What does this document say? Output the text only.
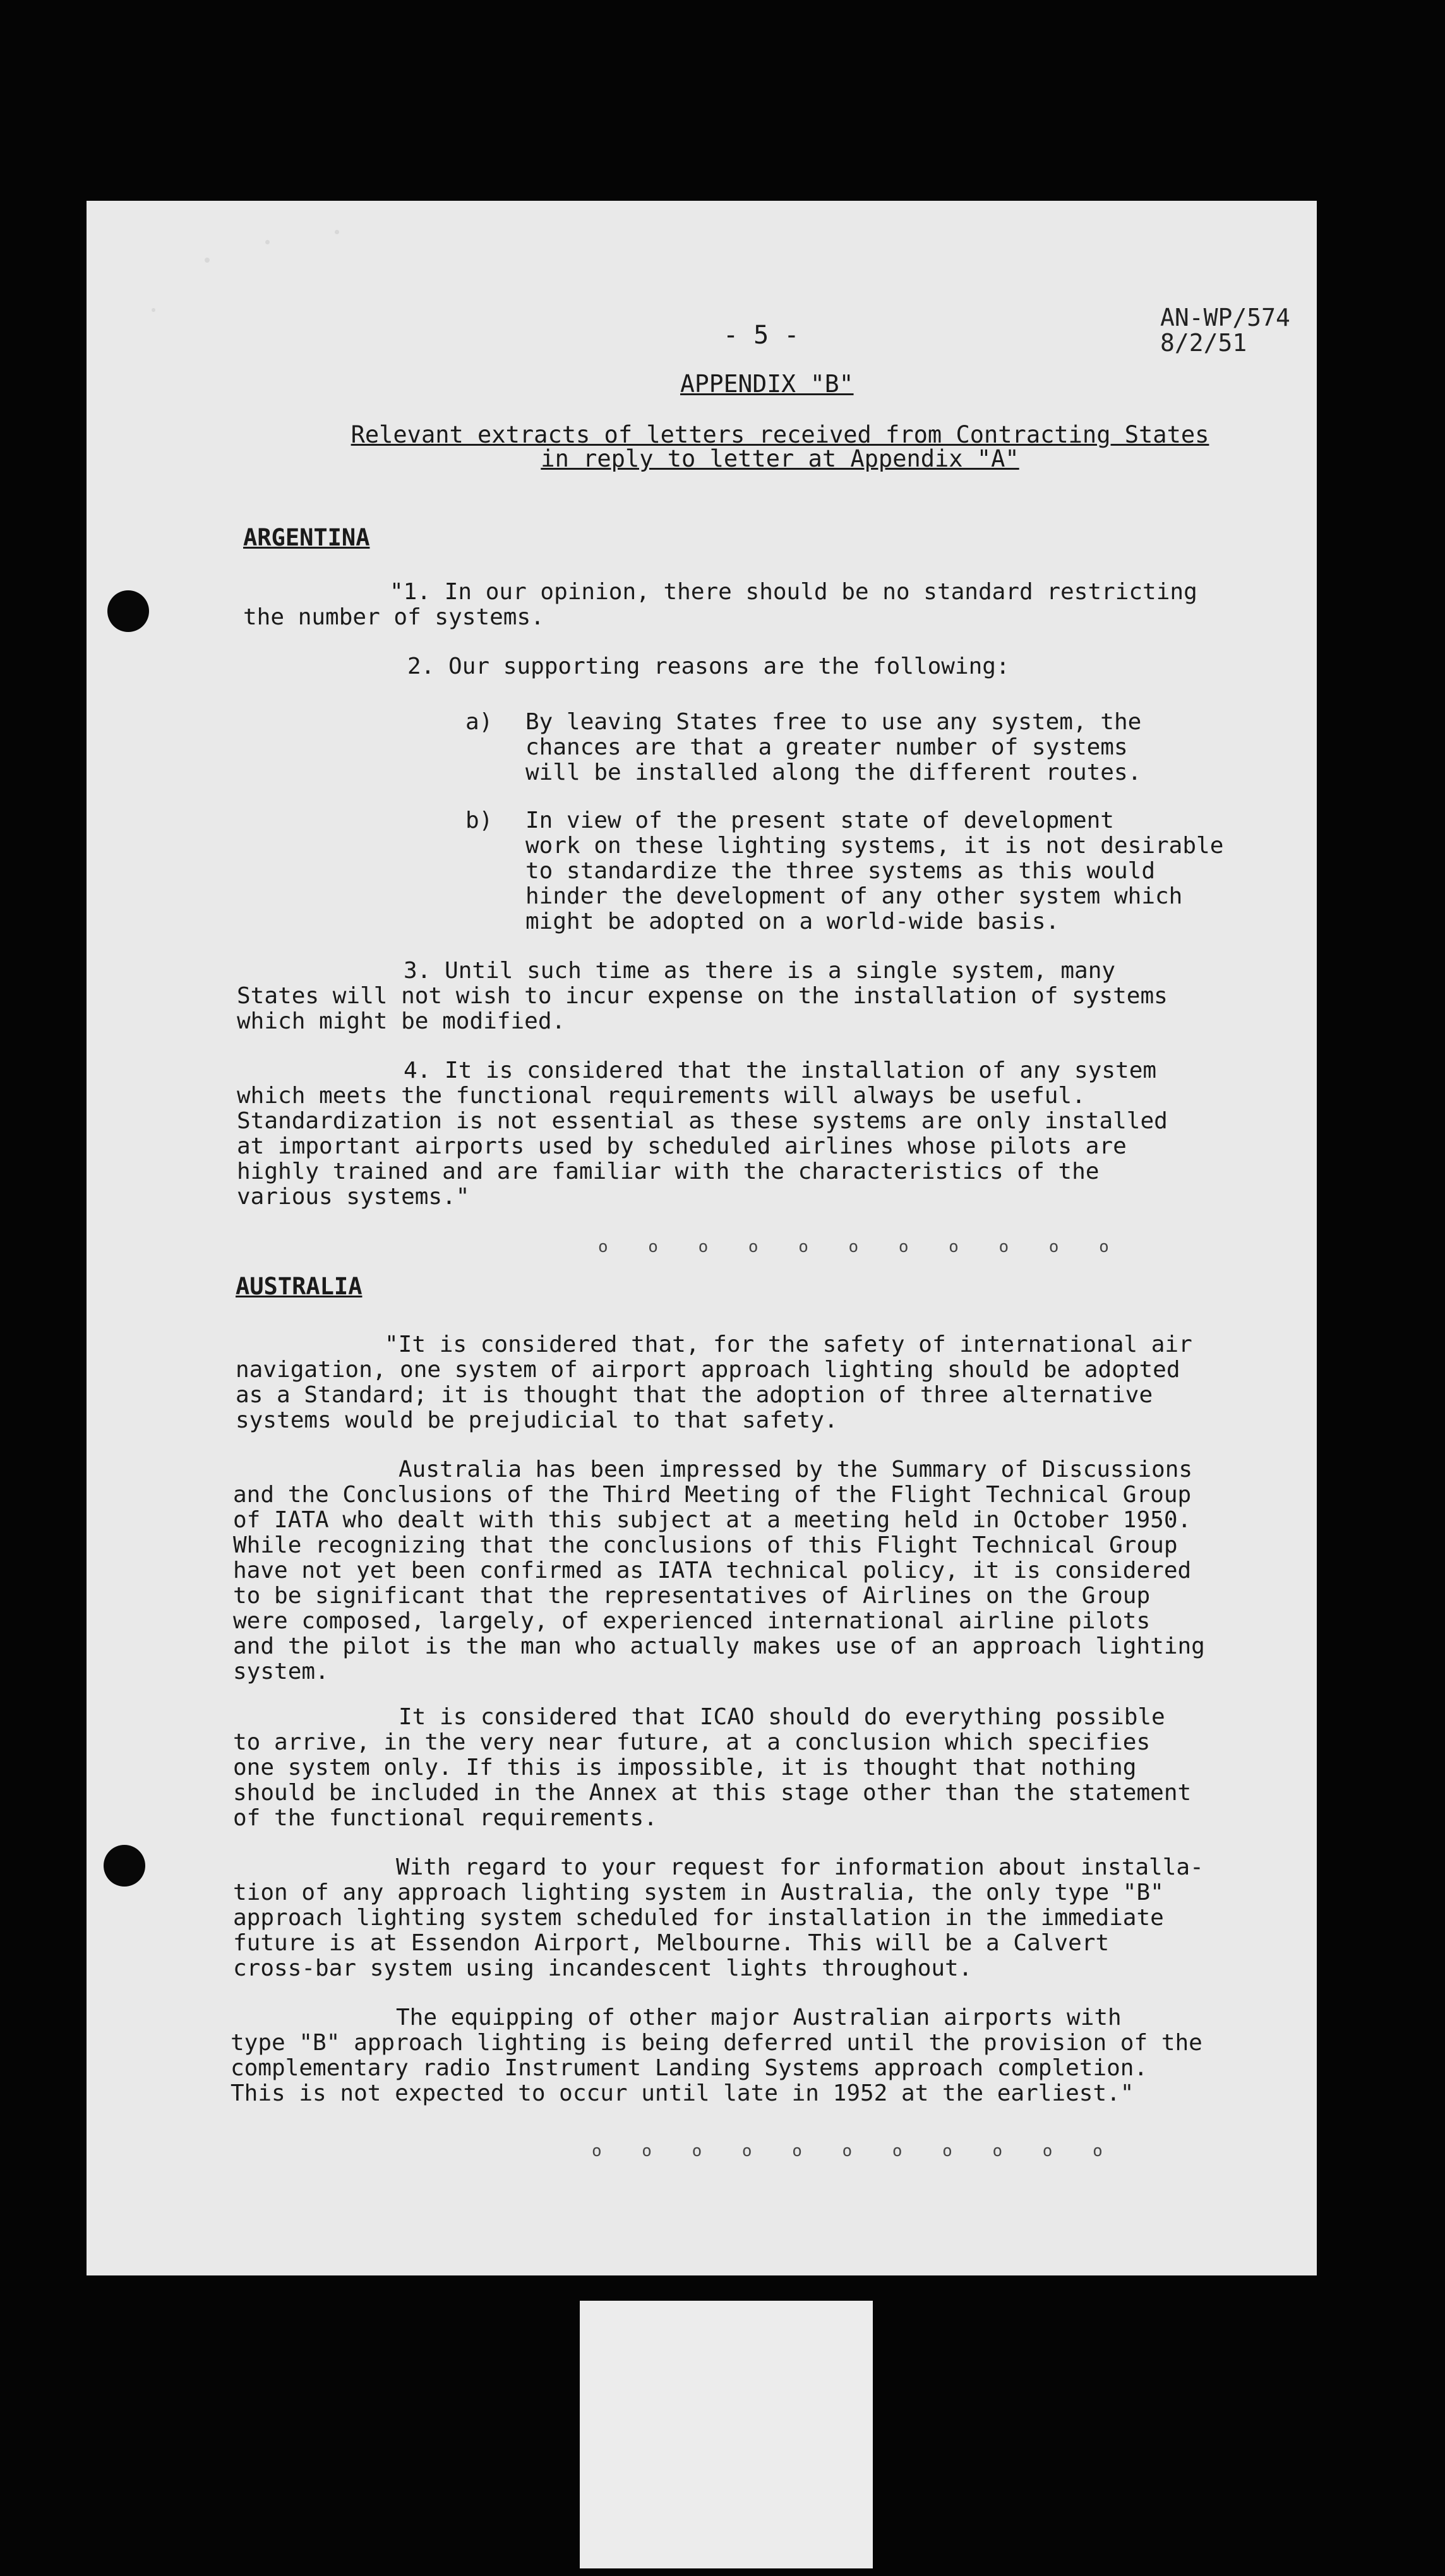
AN-WP/574
8/2/51
- 5 -
APPENDIX "B"
Relevant extracts of letters received from Contracting States
in reply to letter at Appendix "A"
ARGENTINA

"1. In our opinion, there should be no standard restricting

the number of systems.

2. Our supporting reasons are the following:

a) By leaving States free to use any system, the
chances are that a greater number of systems
will be installed along the different routes.

b) In view of the present state of development
work on these lighting systems, it is not desirable
to standardize the three systems as this would
hinder the development of any other system which
might be adopted on a world-wide basis.

3. Until such time as there is a single system, many

States will not wish to incur expense on the installation of systems
which might be modified.

4. It is considered that the installation of any system

which meets the functional requirements will always be useful.
Standardization is not essential as these systems are only installed
at important airports used by scheduled airlines whose pilots are
highly trained and are familiar with the characteristics of the
various systems."

o o o o o o o o o o o
AUSTRALIA

"It is considered that, for the safety of international air

navigation, one system of airport approach lighting should be adopted
as a Standard; it is thought that the adoption of three alternative
systems would be prejudicial to that safety.

Australia has been impressed by the Summary of Discussions

and the Conclusions of the Third Meeting of the Flight Technical Group
of IATA who dealt with this subject at a meeting held in October 1950.
While recognizing that the conclusions of this Flight Technical Group
have not yet been confirmed as IATA technical policy, it is considered
to be significant that the representatives of Airlines on the Group
were composed, largely, of experienced international airline pilots
and the pilot is the man who actually makes use of an approach lighting
system.

It is considered that ICAO should do everything possible

to arrive, in the very near future, at a conclusion which specifies
one system only. If this is impossible, it is thought that nothing
should be included in the Annex at this stage other than the statement
of the functional requirements.

With regard to your request for information about installa-

tion of any approach lighting system in Australia, the only type "B"
approach lighting system scheduled for installation in the immediate
future is at Essendon Airport, Melbourne. This will be a Calvert
cross-bar system using incandescent lights throughout.

The equipping of other major Australian airports with

type "B" approach lighting is being deferred until the provision of the
complementary radio Instrument Landing Systems approach completion.
This is not expected to occur until late in 1952 at the earliest."

o o o o o o o o o o o
